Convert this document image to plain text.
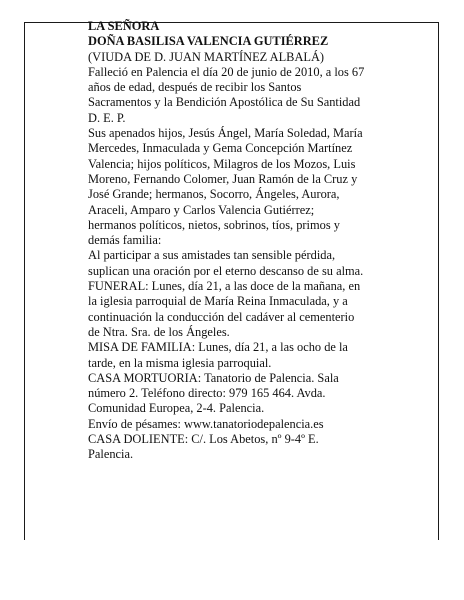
LA SEÑORA
DOÑA BASILISA VALENCIA GUTIÉRREZ
(VIUDA DE D. JUAN MARTÍNEZ ALBALÁ)
Falleció en Palencia el día 20 de junio de 2010, a los 67
años de edad, después de recibir los Santos
Sacramentos y la Bendición Apostólica de Su Santidad
D. E. P.
Sus apenados hijos, Jesús Ángel, María Soledad, María
Mercedes, Inmaculada y Gema Concepción Martínez
Valencia; hijos políticos, Milagros de los Mozos, Luis
Moreno, Fernando Colomer, Juan Ramón de la Cruz y
José Grande; hermanos, Socorro, Ángeles, Aurora,
Araceli, Amparo y Carlos Valencia Gutiérrez;
hermanos políticos, nietos, sobrinos, tíos, primos y
demás familia:
Al participar a sus amistades tan sensible pérdida,
suplican una oración por el eterno descanso de su alma.
FUNERAL: Lunes, día 21, a las doce de la mañana, en
la iglesia parroquial de María Reina Inmaculada, y a
continuación la conducción del cadáver al cementerio
de Ntra. Sra. de los Ángeles.
MISA DE FAMILIA: Lunes, día 21, a las ocho de la
tarde, en la misma iglesia parroquial.
CASA MORTUORIA: Tanatorio de Palencia. Sala
número 2. Teléfono directo: 979 165 464. Avda.
Comunidad Europea, 2-4. Palencia.
Envío de pésames: www.tanatoriodepalencia.es
CASA DOLIENTE: C/. Los Abetos, nº 9-4º E.
Palencia.
